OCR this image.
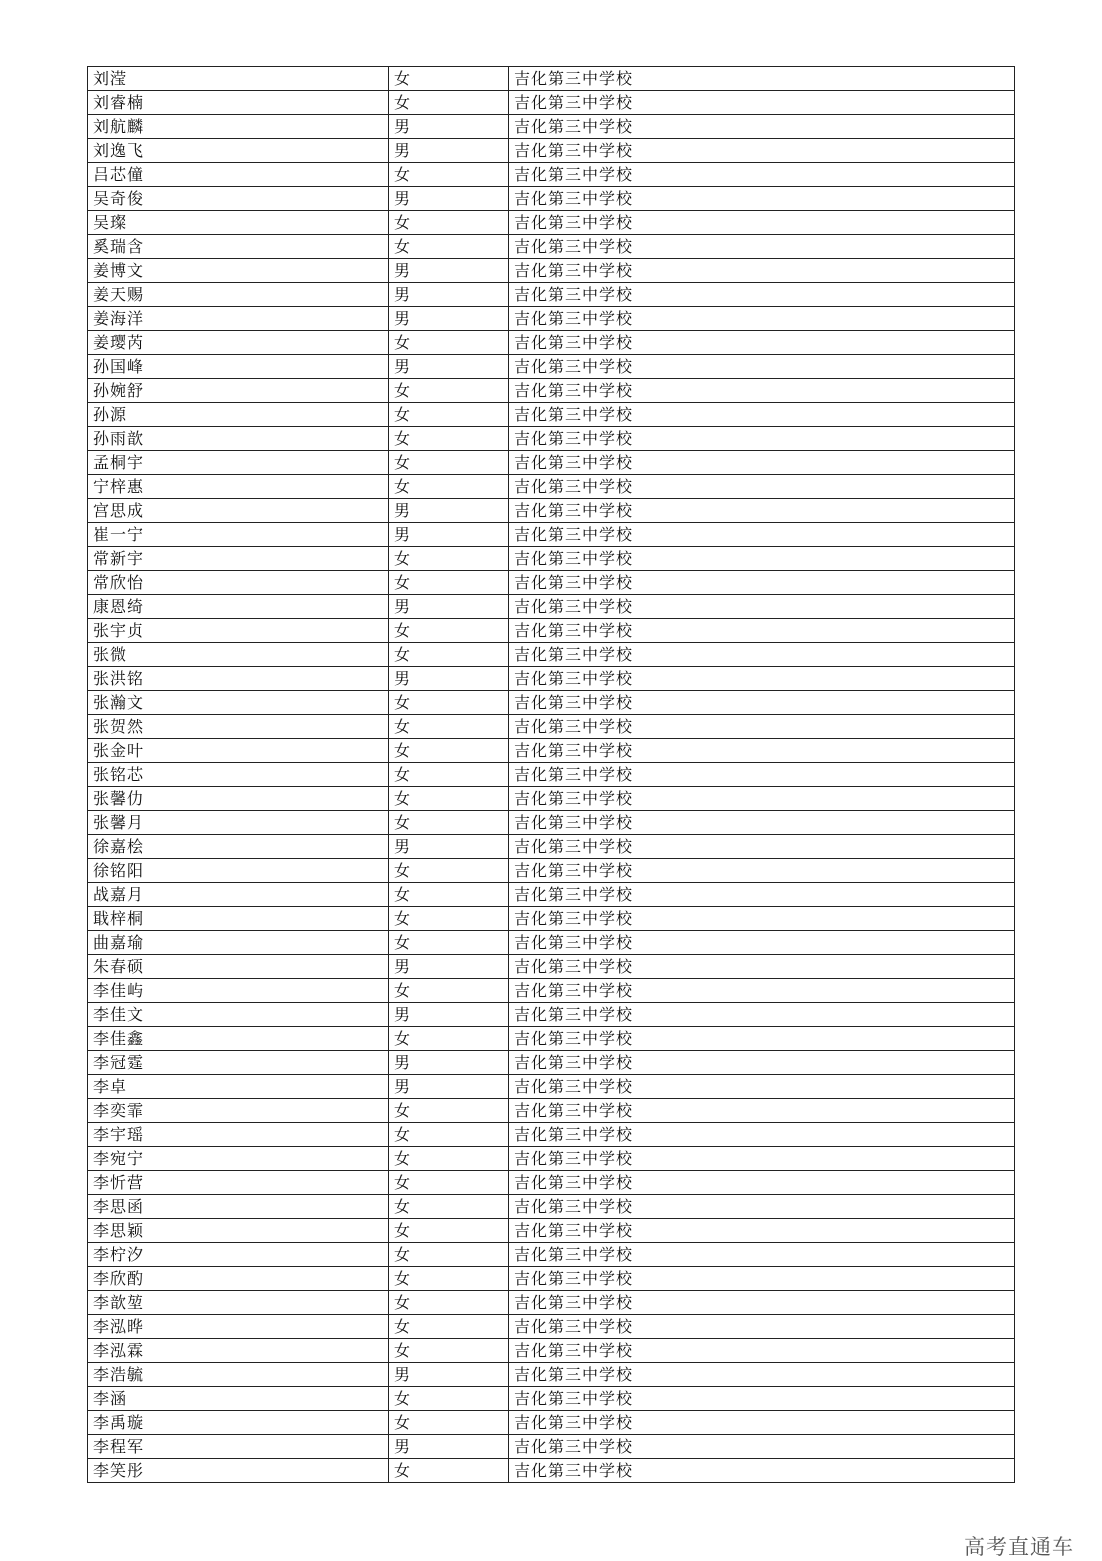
刘滢	女	吉化第三中学校
刘睿楠	女	吉化第三中学校
刘航麟	男	吉化第三中学校
刘逸飞	男	吉化第三中学校
吕芯僮	女	吉化第三中学校
吴奇俊	男	吉化第三中学校
吴璨	女	吉化第三中学校
奚瑞含	女	吉化第三中学校
姜博文	男	吉化第三中学校
姜天赐	男	吉化第三中学校
姜海洋	男	吉化第三中学校
姜璎芮	女	吉化第三中学校
孙国峰	男	吉化第三中学校
孙婉舒	女	吉化第三中学校
孙源	女	吉化第三中学校
孙雨歆	女	吉化第三中学校
孟桐宇	女	吉化第三中学校
宁梓惠	女	吉化第三中学校
宫思成	男	吉化第三中学校
崔一宁	男	吉化第三中学校
常新宇	女	吉化第三中学校
常欣怡	女	吉化第三中学校
康恩绮	男	吉化第三中学校
张宇贞	女	吉化第三中学校
张微	女	吉化第三中学校
张洪铭	男	吉化第三中学校
张瀚文	女	吉化第三中学校
张贺然	女	吉化第三中学校
张金叶	女	吉化第三中学校
张铭芯	女	吉化第三中学校
张馨仂	女	吉化第三中学校
张馨月	女	吉化第三中学校
徐嘉桧	男	吉化第三中学校
徐铭阳	女	吉化第三中学校
战嘉月	女	吉化第三中学校
戢梓桐	女	吉化第三中学校
曲嘉瑜	女	吉化第三中学校
朱春硕	男	吉化第三中学校
李佳屿	女	吉化第三中学校
李佳文	男	吉化第三中学校
李佳鑫	女	吉化第三中学校
李冠霆	男	吉化第三中学校
李卓	男	吉化第三中学校
李奕霏	女	吉化第三中学校
李宇瑶	女	吉化第三中学校
李宛宁	女	吉化第三中学校
李忻营	女	吉化第三中学校
李思函	女	吉化第三中学校
李思颖	女	吉化第三中学校
李柠汐	女	吉化第三中学校
李欣酌	女	吉化第三中学校
李歆堃	女	吉化第三中学校
李泓晔	女	吉化第三中学校
李泓霖	女	吉化第三中学校
李浩毓	男	吉化第三中学校
李涵	女	吉化第三中学校
李禹璇	女	吉化第三中学校
李程军	男	吉化第三中学校
李笑彤	女	吉化第三中学校
高考直通车
